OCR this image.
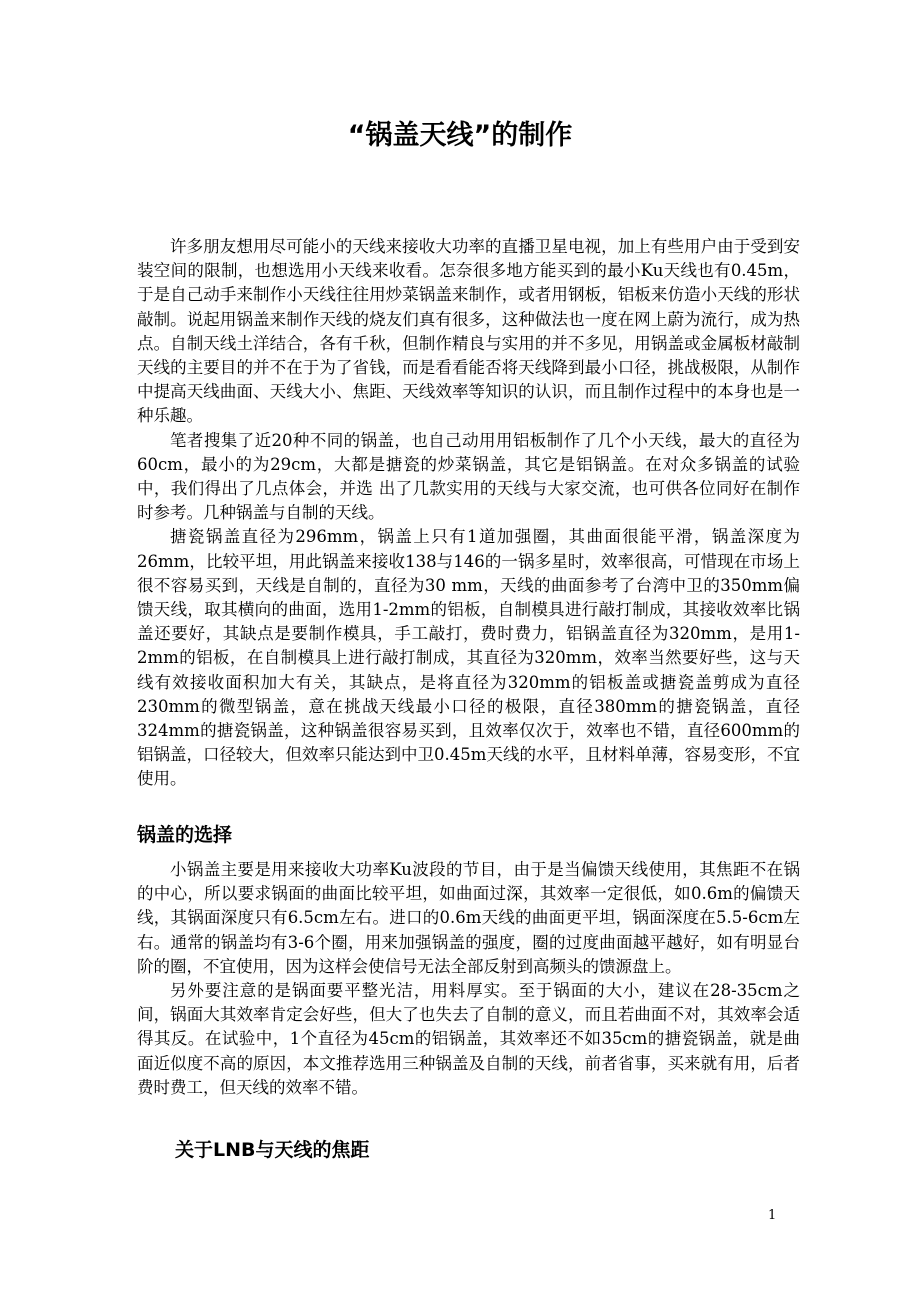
“锅盖天线”的制作

许多朋友想用尽可能小的天线来接收大功率的直播卫星电视，加上有些用户由于受到安装空间的限制，也想选用小天线来收看。怎奈很多地方能买到的最小Ku天线也有0.45m，于是自己动手来制作小天线往往用炒菜锅盖来制作，或者用钢板，铝板来仿造小天线的形状敲制。说起用锅盖来制作天线的烧友们真有很多，这种做法也一度在网上蔚为流行，成为热点。自制天线土洋结合，各有千秋，但制作精良与实用的并不多见，用锅盖或金属板材敲制天线的主要目的并不在于为了省钱，而是看看能否将天线降到最小口径，挑战极限，从制作中提高天线曲面、天线大小、焦距、天线效率等知识的认识，而且制作过程中的本身也是一种乐趣。

笔者搜集了近20种不同的锅盖，也自己动用用铝板制作了几个小天线，最大的直径为60cm，最小的为29cm，大都是搪瓷的炒菜锅盖，其它是铝锅盖。在对众多锅盖的试验中，我们得出了几点体会，并选 出了几款实用的天线与大家交流，也可供各位同好在制作时参考。几种锅盖与自制的天线。

搪瓷锅盖直径为296mm，锅盖上只有1道加强圈，其曲面很能平滑，锅盖深度为26mm，比较平坦，用此锅盖来接收138与146的一锅多星时，效率很高，可惜现在市场上很不容易买到，天线是自制的，直径为30 mm，天线的曲面参考了台湾中卫的350mm偏馈天线，取其横向的曲面，选用1-2mm的铝板，自制模具进行敲打制成，其接收效率比锅盖还要好，其缺点是要制作模具，手工敲打，费时费力，铝锅盖直径为320mm，是用1-2mm的铝板，在自制模具上进行敲打制成，其直径为320mm，效率当然要好些，这与天线有效接收面积加大有关，其缺点，是将直径为320mm的铝板盖或搪瓷盖剪成为直径230mm的微型锅盖，意在挑战天线最小口径的极限，直径380mm的搪瓷锅盖，直径324mm的搪瓷锅盖，这种锅盖很容易买到，且效率仅次于，效率也不错，直径600mm的铝锅盖，口径较大，但效率只能达到中卫0.45m天线的水平，且材料单薄，容易变形，不宜使用。

锅盖的选择

小锅盖主要是用来接收大功率Ku波段的节目，由于是当偏馈天线使用，其焦距不在锅的中心，所以要求锅面的曲面比较平坦，如曲面过深，其效率一定很低，如0.6m的偏馈天线，其锅面深度只有6.5cm左右。进口的0.6m天线的曲面更平坦，锅面深度在5.5-6cm左右。通常的锅盖均有3-6个圈，用来加强锅盖的强度，圈的过度曲面越平越好，如有明显台阶的圈，不宜使用，因为这样会使信号无法全部反射到高频头的馈源盘上。

另外要注意的是锅面要平整光洁，用料厚实。至于锅面的大小，建议在28-35cm之间，锅面大其效率肯定会好些，但大了也失去了自制的意义，而且若曲面不对，其效率会适得其反。在试验中，1个直径为45cm的铝锅盖，其效率还不如35cm的搪瓷锅盖，就是曲面近似度不高的原因，本文推荐选用三种锅盖及自制的天线，前者省事，买来就有用，后者费时费工，但天线的效率不错。

关于LNB与天线的焦距
1
